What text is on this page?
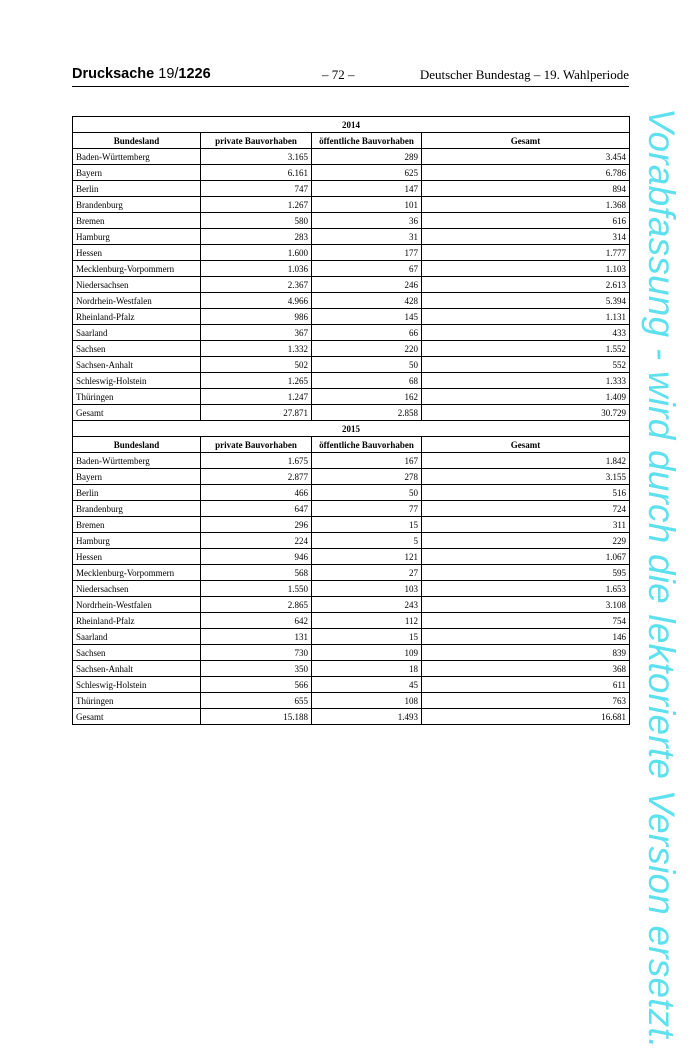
Drucksache 19/1226	– 72 –	Deutscher Bundestag – 19. Wahlperiode
2014			
Bundesland	private Bauvorhaben	öffentliche Bauvorhaben	Gesamt
Baden-Württemberg	3.165	289	3.454
Bayern	6.161	625	6.786
Berlin	747	147	894
Brandenburg	1.267	101	1.368
Bremen	580	36	616
Hamburg	283	31	314
Hessen	1.600	177	1.777
Mecklenburg-Vorpommern	1.036	67	1.103
Niedersachsen	2.367	246	2.613
Nordrhein-Westfalen	4.966	428	5.394
Rheinland-Pfalz	986	145	1.131
Saarland	367	66	433
Sachsen	1.332	220	1.552
Sachsen-Anhalt	502	50	552
Schleswig-Holstein	1.265	68	1.333
Thüringen	1.247	162	1.409
Gesamt	27.871	2.858	30.729
2015			
Bundesland	private Bauvorhaben	öffentliche Bauvorhaben	Gesamt
Baden-Württemberg	1.675	167	1.842
Bayern	2.877	278	3.155
Berlin	466	50	516
Brandenburg	647	77	724
Bremen	296	15	311
Hamburg	224	5	229
Hessen	946	121	1.067
Mecklenburg-Vorpommern	568	27	595
Niedersachsen	1.550	103	1.653
Nordrhein-Westfalen	2.865	243	3.108
Rheinland-Pfalz	642	112	754
Saarland	131	15	146
Sachsen	730	109	839
Sachsen-Anhalt	350	18	368
Schleswig-Holstein	566	45	611
Thüringen	655	108	763
Gesamt	15.188	1.493	16.681 Vorabfassung - wird durch die lektorierte Version ersetzt.
